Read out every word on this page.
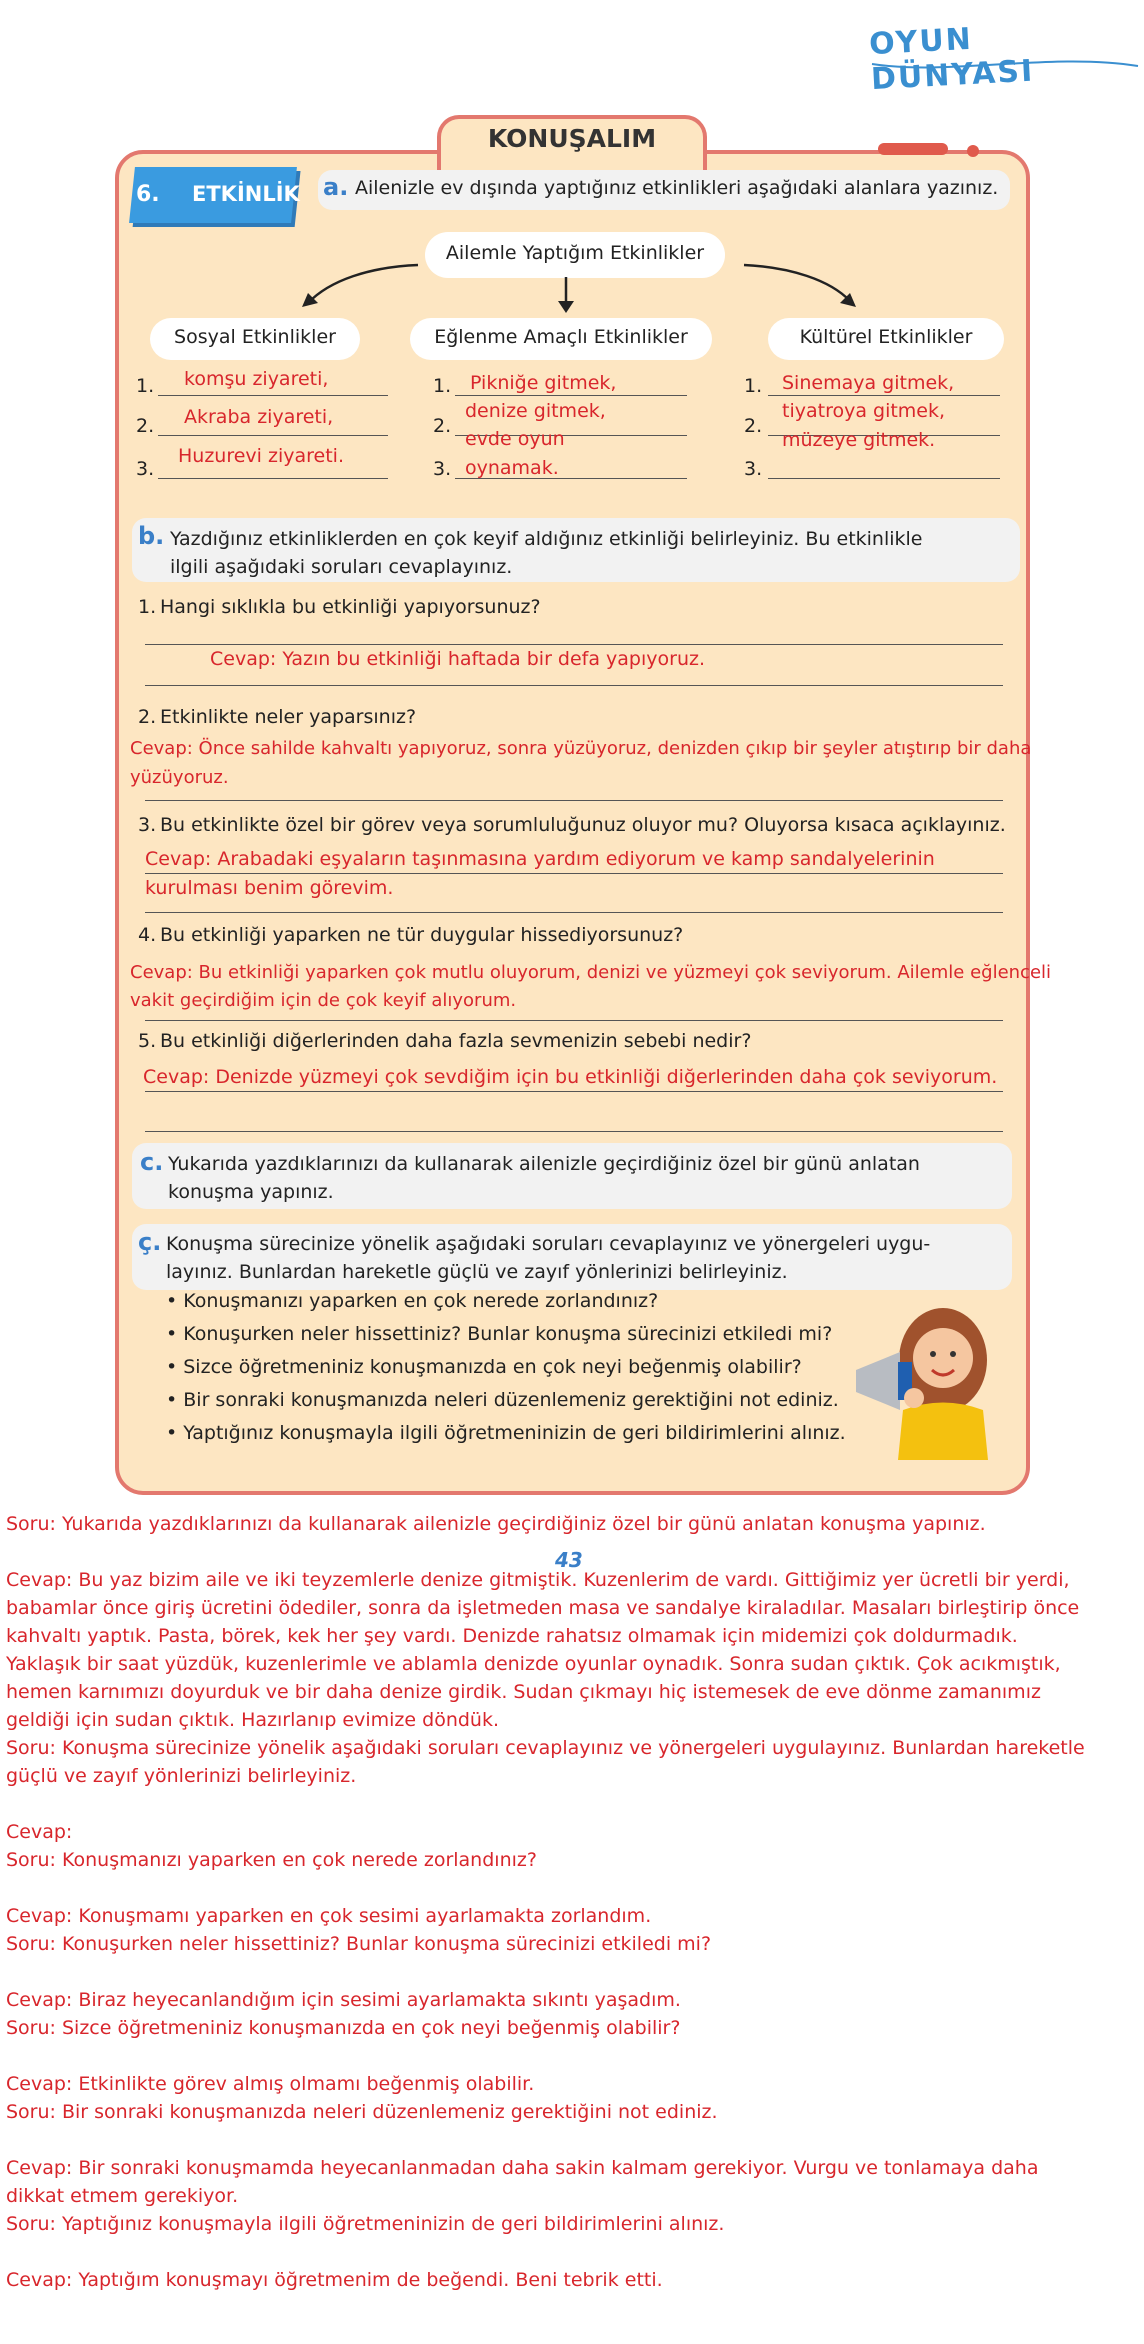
OYUN DÜNYASI
KONUŞALIM
6. ETKİNLİK a. Ailenizle ev dışında yaptığınız etkinlikleri aşağıdaki alanlara yazınız.
Ailemle Yaptığım Etkinlikler
Sosyal Etkinlikler	Eğlenme Amaçlı Etkinlikler	Kültürel Etkinlikler
1.
2.
3.
komşu ziyareti,
Akraba ziyareti,
Huzurevi ziyareti.
1.
2.
3.
Pikniğe gitmek,
denize gitmek,
evde oyun
oynamak.
1.
2.
3.
Sinemaya gitmek,
tiyatroya gitmek,
müzeye gitmek.
b. Yazdığınız etkinliklerden en çok keyif aldığınız etkinliği belirleyiniz. Bu etkinlikle
ilgili aşağıdaki soruları cevaplayınız.
1. Hangi sıklıkla bu etkinliği yapıyorsunuz?
Cevap: Yazın bu etkinliği haftada bir defa yapıyoruz.
2. Etkinlikte neler yaparsınız?
Cevap: Önce sahilde kahvaltı yapıyoruz, sonra yüzüyoruz, denizden çıkıp bir şeyler atıştırıp bir daha
yüzüyoruz.
3. Bu etkinlikte özel bir görev veya sorumluluğunuz oluyor mu? Oluyorsa kısaca açıklayınız.
Cevap: Arabadaki eşyaların taşınmasına yardım ediyorum ve kamp sandalyelerinin
kurulması benim görevim.
4. Bu etkinliği yaparken ne tür duygular hissediyorsunuz?
Cevap: Bu etkinliği yaparken çok mutlu oluyorum, denizi ve yüzmeyi çok seviyorum. Ailemle eğlenceli
vakit geçirdiğim için de çok keyif alıyorum.
5. Bu etkinliği diğerlerinden daha fazla sevmenizin sebebi nedir?
Cevap: Denizde yüzmeyi çok sevdiğim için bu etkinliği diğerlerinden daha çok seviyorum.
c. Yukarıda yazdıklarınızı da kullanarak ailenizle geçirdiğiniz özel bir günü anlatan
konuşma yapınız.
ç. Konuşma sürecinize yönelik aşağıdaki soruları cevaplayınız ve yönergeleri uygu-
layınız. Bunlardan hareketle güçlü ve zayıf yönlerinizi belirleyiniz.
• Konuşmanızı yaparken en çok nerede zorlandınız?
• Konuşurken neler hissettiniz? Bunlar konuşma sürecinizi etkiledi mi?
• Sizce öğretmeniniz konuşmanızda en çok neyi beğenmiş olabilir?
• Bir sonraki konuşmanızda neleri düzenlemeniz gerektiğini not ediniz.
• Yaptığınız konuşmayla ilgili öğretmeninizin de geri bildirimlerini alınız.
43
Soru: Yukarıda yazdıklarınızı da kullanarak ailenizle geçirdiğiniz özel bir günü anlatan konuşma yapınız.
Cevap: Bu yaz bizim aile ve iki teyzemlerle denize gitmiştik. Kuzenlerim de vardı. Gittiğimiz yer ücretli bir yerdi,
babamlar önce giriş ücretini ödediler, sonra da işletmeden masa ve sandalye kiraladılar. Masaları birleştirip önce
kahvaltı yaptık. Pasta, börek, kek her şey vardı. Denizde rahatsız olmamak için midemizi çok doldurmadık.
Yaklaşık bir saat yüzdük, kuzenlerimle ve ablamla denizde oyunlar oynadık. Sonra sudan çıktık. Çok acıkmıştık,
hemen karnımızı doyurduk ve bir daha denize girdik. Sudan çıkmayı hiç istemesek de eve dönme zamanımız
geldiği için sudan çıktık. Hazırlanıp evimize döndük.
Soru: Konuşma sürecinize yönelik aşağıdaki soruları cevaplayınız ve yönergeleri uygulayınız. Bunlardan hareketle
güçlü ve zayıf yönlerinizi belirleyiniz.
Cevap:
Soru: Konuşmanızı yaparken en çok nerede zorlandınız?
Cevap: Konuşmamı yaparken en çok sesimi ayarlamakta zorlandım.
Soru: Konuşurken neler hissettiniz? Bunlar konuşma sürecinizi etkiledi mi?
Cevap: Biraz heyecanlandığım için sesimi ayarlamakta sıkıntı yaşadım.
Soru: Sizce öğretmeniniz konuşmanızda en çok neyi beğenmiş olabilir?
Cevap: Etkinlikte görev almış olmamı beğenmiş olabilir.
Soru: Bir sonraki konuşmanızda neleri düzenlemeniz gerektiğini not ediniz.
Cevap: Bir sonraki konuşmamda heyecanlanmadan daha sakin kalmam gerekiyor. Vurgu ve tonlamaya daha
dikkat etmem gerekiyor.
Soru: Yaptığınız konuşmayla ilgili öğretmeninizin de geri bildirimlerini alınız.
Cevap: Yaptığım konuşmayı öğretmenim de beğendi. Beni tebrik etti.
